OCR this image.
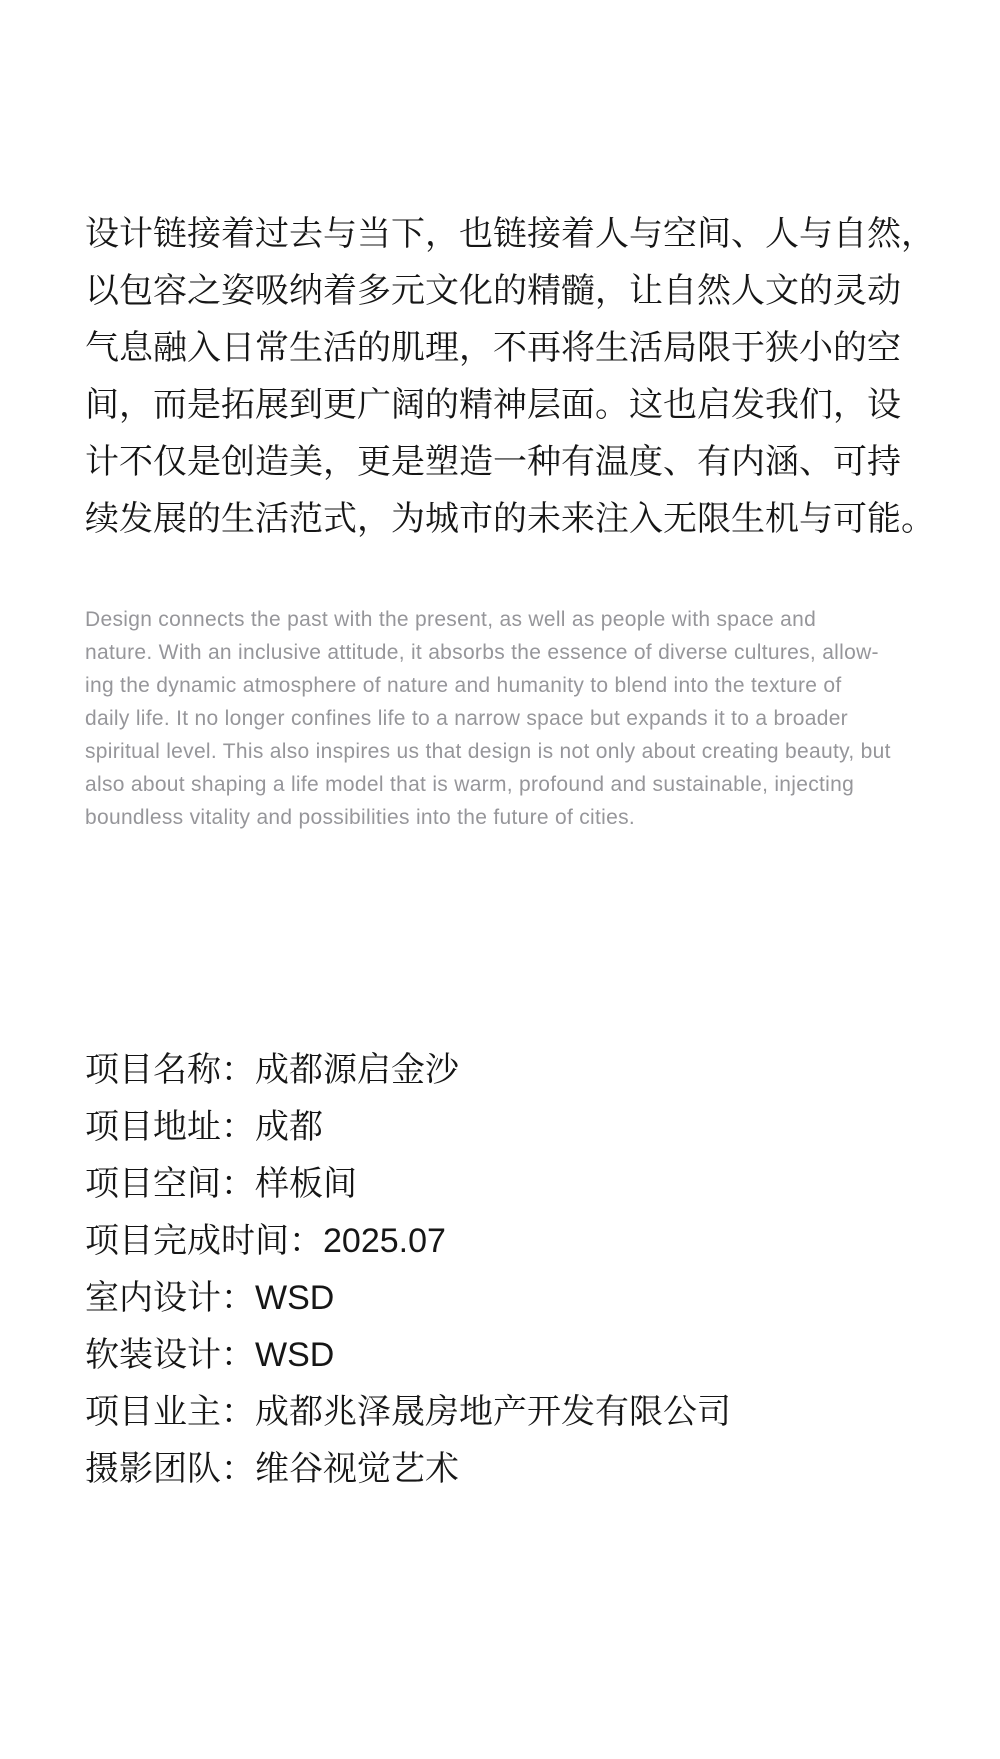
设计链接着过去与当下，也链接着人与空间、人与自然，
以包容之姿吸纳着多元文化的精髓，让自然人文的灵动
气息融入日常生活的肌理，不再将生活局限于狭小的空
间，而是拓展到更广阔的精神层面。这也启发我们，设
计不仅是创造美，更是塑造一种有温度、有内涵、可持
续发展的生活范式，为城市的未来注入无限生机与可能。
Design connects the past with the present, as well as people with space and
nature. With an inclusive attitude, it absorbs the essence of diverse cultures, allow-
ing the dynamic atmosphere of nature and humanity to blend into the texture of
daily life. It no longer confines life to a narrow space but expands it to a broader
spiritual level. This also inspires us that design is not only about creating beauty, but
also about shaping a life model that is warm, profound and sustainable, injecting
boundless vitality and possibilities into the future of cities.
项目名称：成都源启金沙
项目地址：成都
项目空间：样板间
项目完成时间：2025.07
室内设计：WSD
软装设计：WSD
项目业主：成都兆泽晟房地产开发有限公司
摄影团队：维谷视觉艺术
